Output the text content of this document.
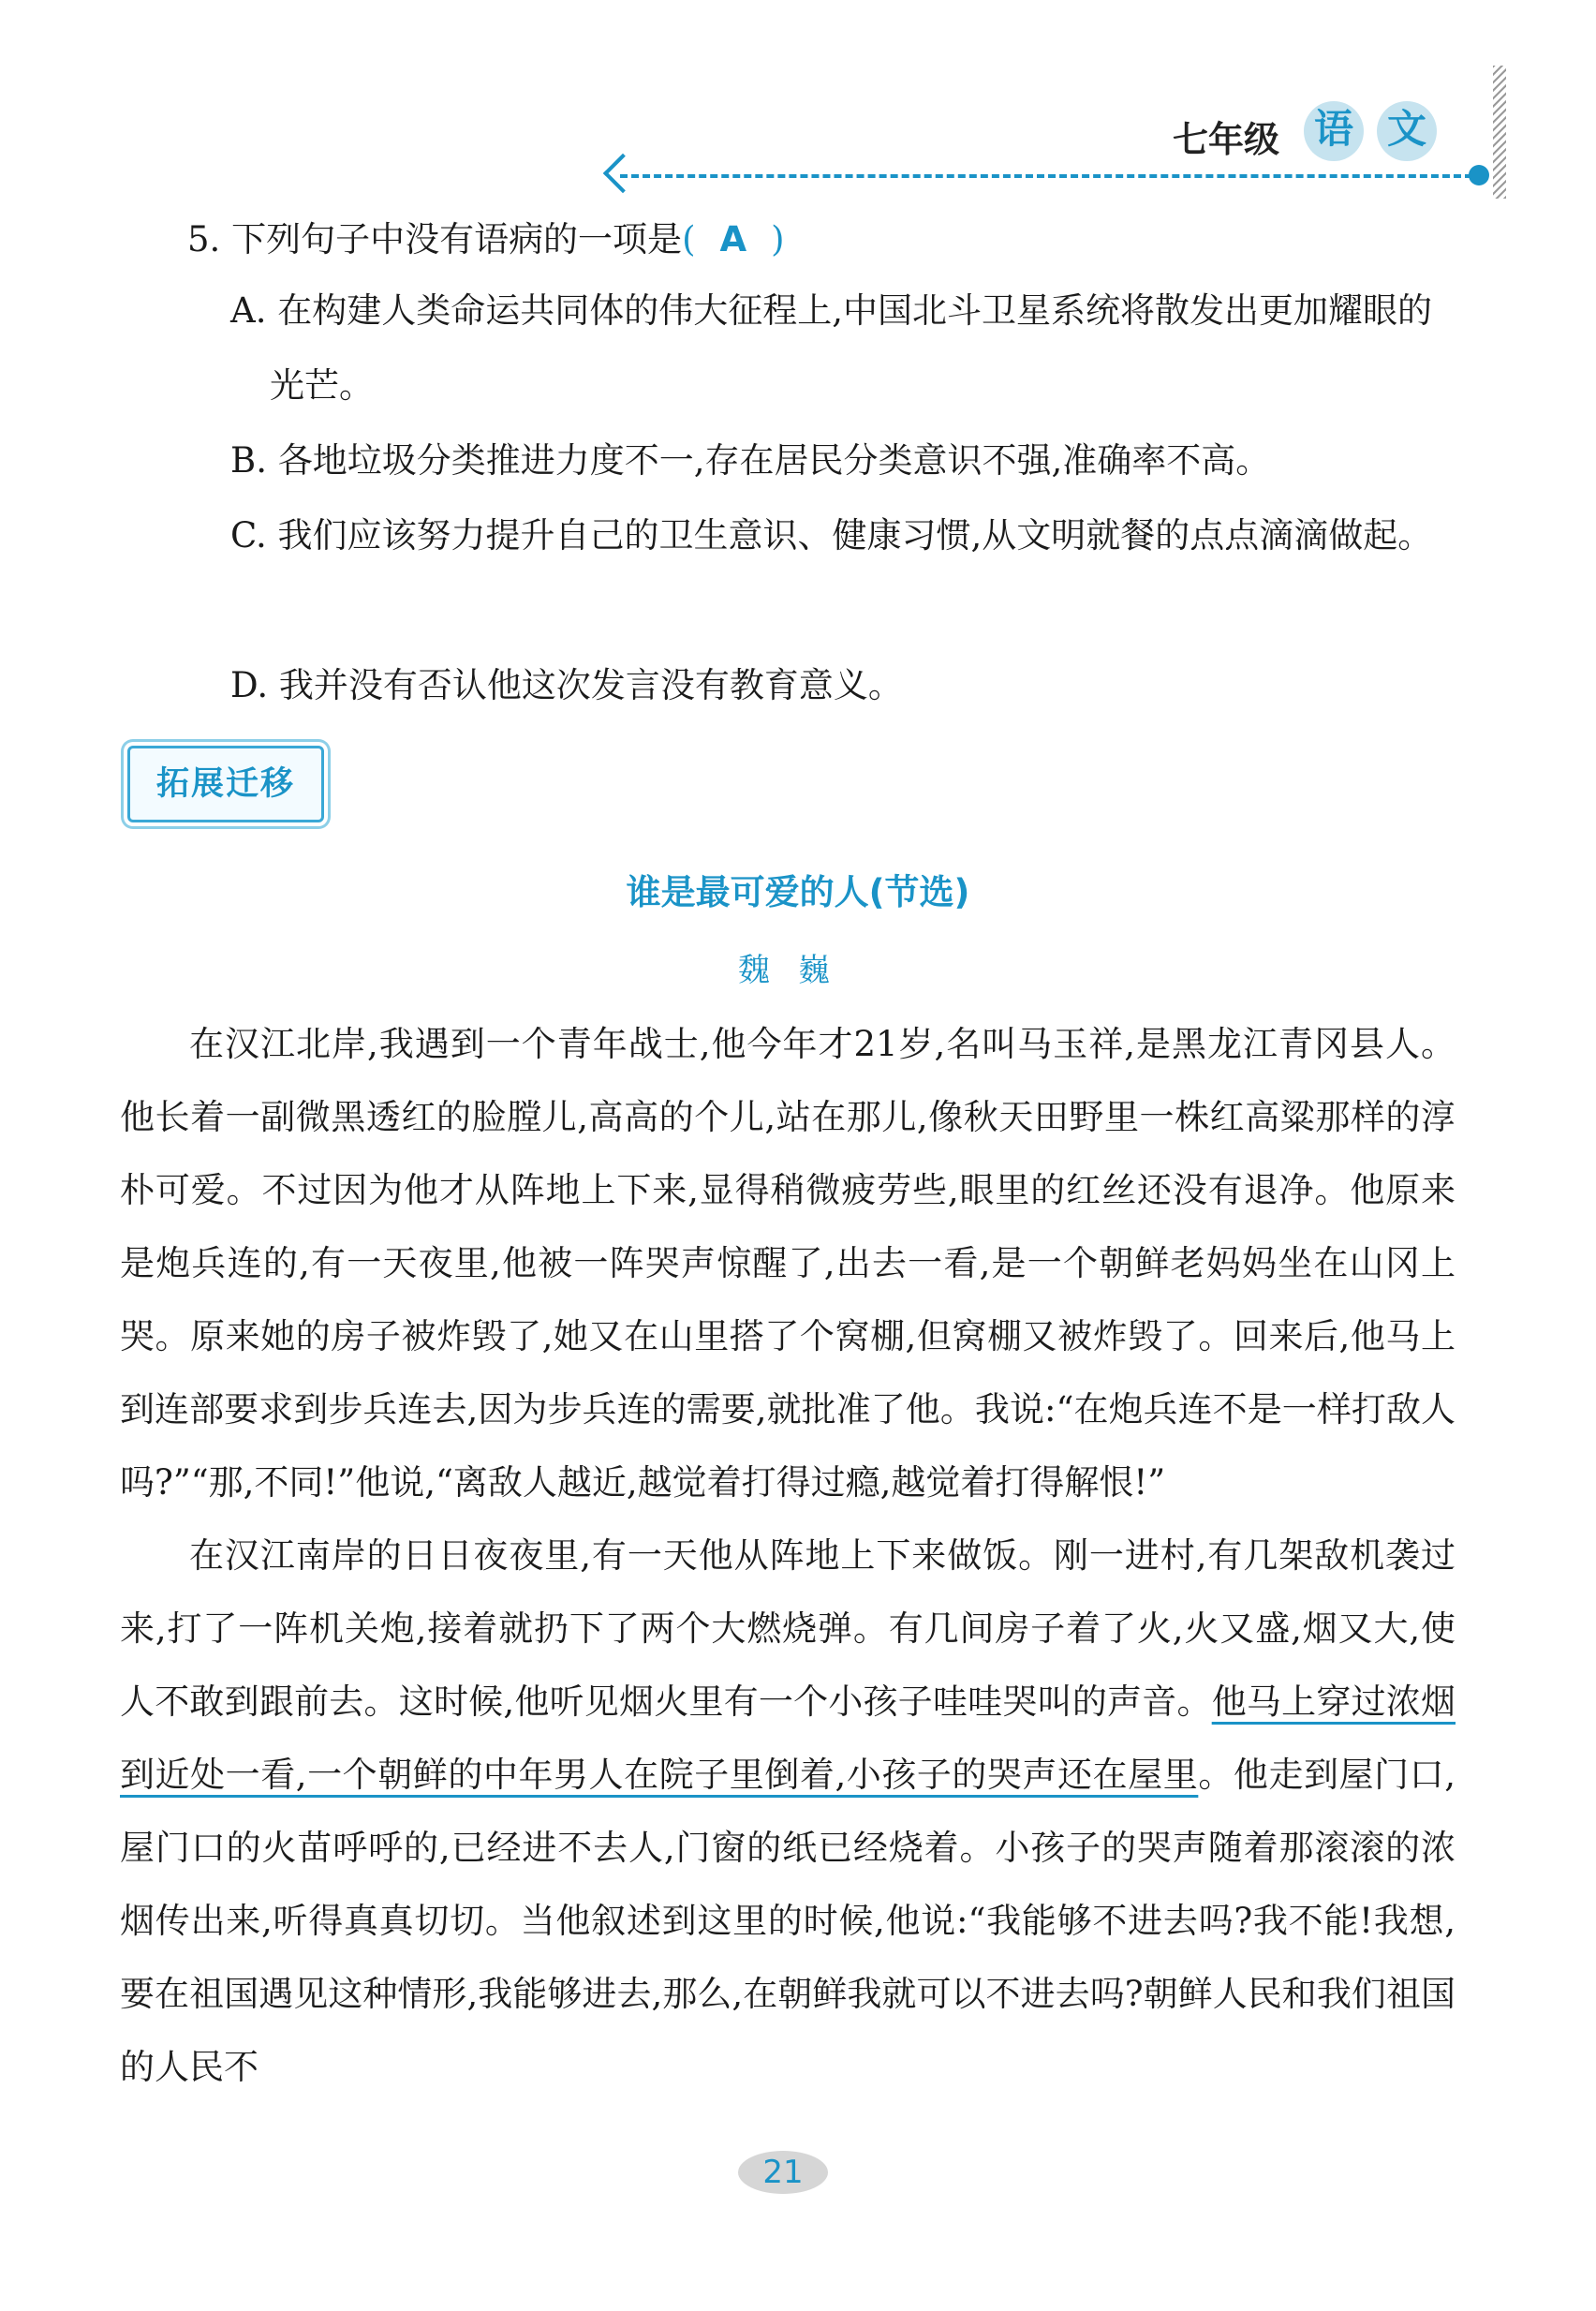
七年级 语 文
5. 下列句子中没有语病的一项是( A )
A. 在构建人类命运共同体的伟大征程上,中国北斗卫星系统将散发出更加耀眼的光芒。
B. 各地垃圾分类推进力度不一,存在居民分类意识不强,准确率不高。
C. 我们应该努力提升自己的卫生意识、健康习惯,从文明就餐的点点滴滴做起。
D. 我并没有否认他这次发言没有教育意义。
拓展迁移
谁是最可爱的人(节选)
魏巍

在汉江北岸,我遇到一个青年战士,他今年才21岁,名叫马玉祥,是黑龙江青冈县人。他长着一副微黑透红的脸膛儿,高高的个儿,站在那儿,像秋天田野里一株红高粱那样的淳朴可爱。不过因为他才从阵地上下来,显得稍微疲劳些,眼里的红丝还没有退净。他原来是炮兵连的,有一天夜里,他被一阵哭声惊醒了,出去一看,是一个朝鲜老妈妈坐在山冈上哭。原来她的房子被炸毁了,她又在山里搭了个窝棚,但窝棚又被炸毁了。回来后,他马上到连部要求到步兵连去,因为步兵连的需要,就批准了他。我说:“在炮兵连不是一样打敌人吗?”“那,不同!”他说,“离敌人越近,越觉着打得过瘾,越觉着打得解恨!”

在汉江南岸的日日夜夜里,有一天他从阵地上下来做饭。刚一进村,有几架敌机袭过来,打了一阵机关炮,接着就扔下了两个大燃烧弹。有几间房子着了火,火又盛,烟又大,使人不敢到跟前去。这时候,他听见烟火里有一个小孩子哇哇哭叫的声音。他马上穿过浓烟到近处一看,一个朝鲜的中年男人在院子里倒着,小孩子的哭声还在屋里。他走到屋门口,屋门口的火苗呼呼的,已经进不去人,门窗的纸已经烧着。小孩子的哭声随着那滚滚的浓烟传出来,听得真真切切。当他叙述到这里的时候,他说:“我能够不进去吗?我不能!我想,要在祖国遇见这种情形,我能够进去,那么,在朝鲜我就可以不进去吗?朝鲜人民和我们祖国的人民不

21
